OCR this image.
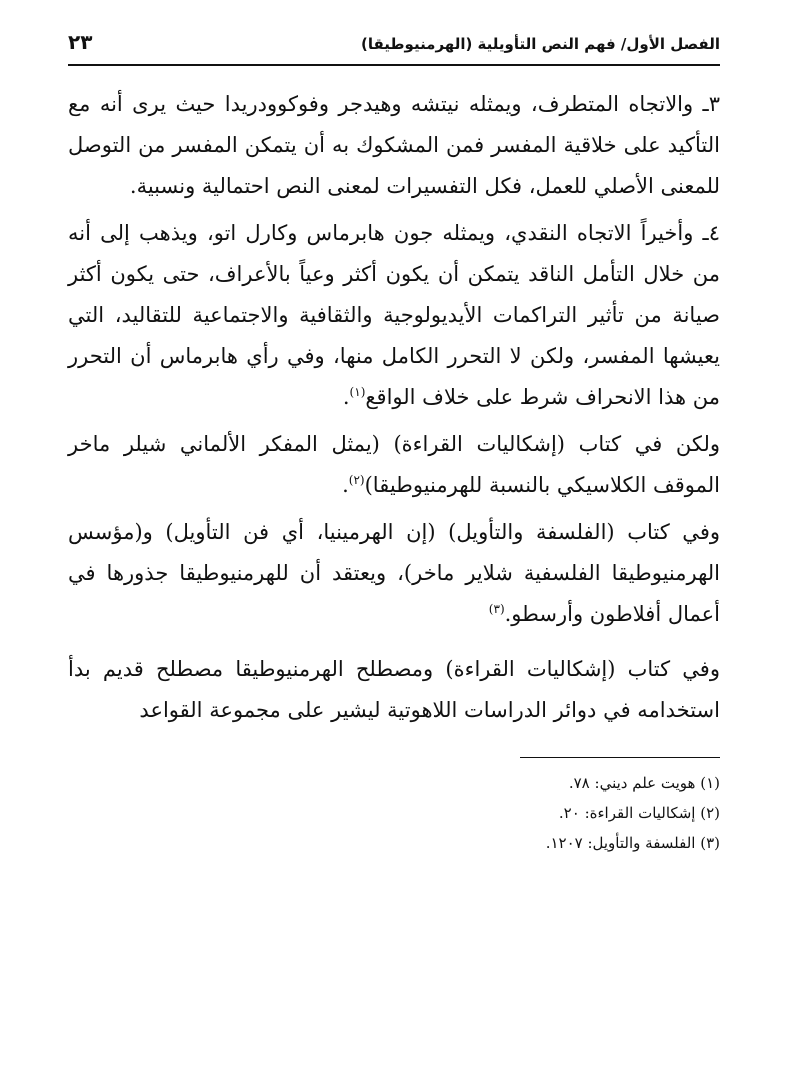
الفصل الأول/ فهم النص التأويلية (الهرمنيوطيقا)
٢٣

٣ـ والاتجاه المتطرف، ويمثله نيتشه وهيدجر وفوكوودريدا حيث يرى أنه مع التأكيد على خلاقية المفسر فمن المشكوك به أن يتمكن المفسر من التوصل للمعنى الأصلي للعمل، فكل التفسيرات لمعنى النص احتمالية ونسبية.

٤ـ وأخيراً الاتجاه النقدي، ويمثله جون هابرماس وكارل اتو، ويذهب إلى أنه من خلال التأمل الناقد يتمكن أن يكون أكثر وعياً بالأعراف، حتى يكون أكثر صيانة من تأثير التراكمات الأيديولوجية والثقافية والاجتماعية للتقاليد، التي يعيشها المفسر، ولكن لا التحرر الكامل منها، وفي رأي هابرماس أن التحرر من هذا الانحراف شرط على خلاف الواقع$^{(١)}$.

ولكن في كتاب (إشكاليات القراءة) (يمثل المفكر الألماني شيلر ماخر الموقف الكلاسيكي بالنسبة للهرمنيوطيقا)$^{(٢)}$.

وفي كتاب (الفلسفة والتأويل) (إن الهرمينيا، أي فن التأويل) و(مؤسس الهرمنيوطيقا الفلسفية شلاير ماخر)، ويعتقد أن للهرمنيوطيقا جذورها في أعمال أفلاطون وأرسطو.$^{(٣)}$

وفي كتاب (إشكاليات القراءة) ومصطلح الهرمنيوطيقا مصطلح قديم بدأ استخدامه في دوائر الدراسات اللاهوتية ليشير على مجموعة القواعد

(١) هويت علم ديني: ٧٨.
(٢) إشكاليات القراءة: ٢٠.
(٣) الفلسفة والتأويل: ١٢٠٧.
